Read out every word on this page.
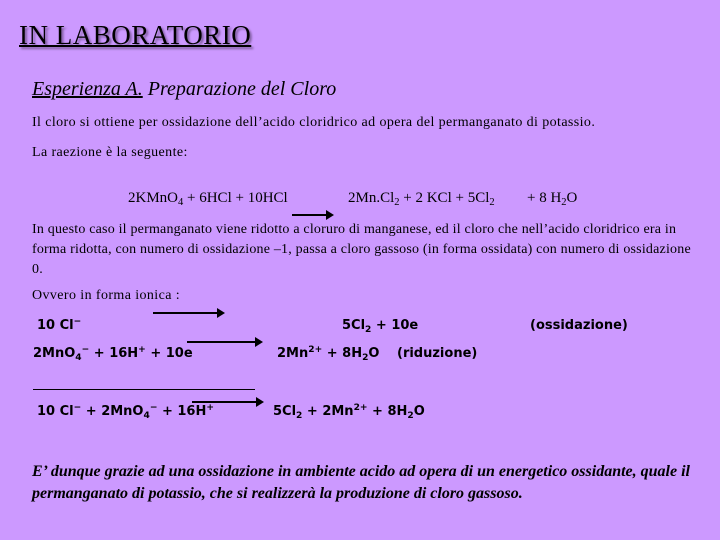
IN LABORATORIO
Esperienza A. Preparazione del Cloro
Il cloro si ottiene per ossidazione dell’acido cloridrico ad opera del permanganato di potassio.
La raezione è la seguente:
2KMnO$_4$ + 6HCl + 10HCl	$2Mn.Cl_2 + 2$ KCl + $5Cl_2 + 8$ $H_2O$
In questo caso il permanganato viene ridotto a cloruro di manganese, ed il cloro che nell’acido cloridrico era in forma ridotta, con numero di ossidazione –1, passa a cloro gassoso (in forma ossidata) con numero di ossidazione 0.
Ovvero in forma ionica :
10 Cl−	$5Cl_2 + 10e$	(ossidazione)
2MnO$_4$− + 16H+ + 10e	$2Mn^{2+} + 8H_2O$ (riduzione)
10 Cl− + 2MnO$_4$− + 16H+	$5Cl_2 + 2Mn^{2+} + 8H_2O$
E’ dunque grazie ad una ossidazione in ambiente acido ad opera di un energetico ossidante, quale il permanganato di potassio, che si realizzerà la produzione di cloro gassoso.
